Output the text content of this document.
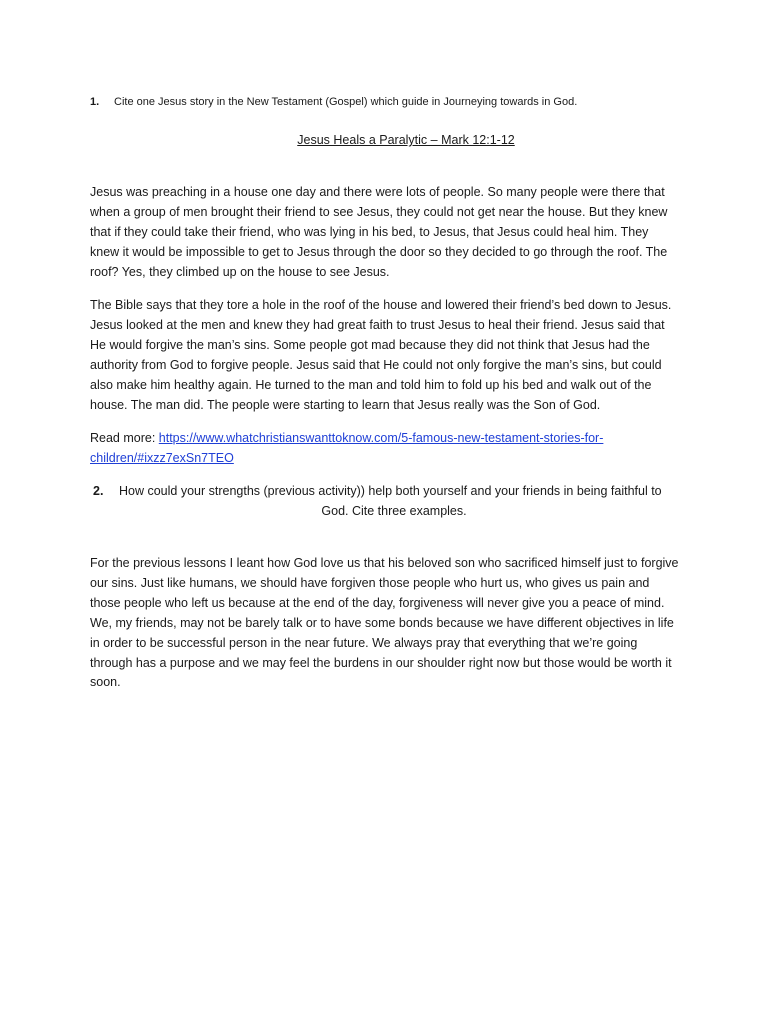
1. Cite one Jesus story in the New Testament (Gospel) which guide in Journeying towards in God.
Jesus Heals a Paralytic – Mark 12:1-12
Jesus was preaching in a house one day and there were lots of people. So many people were there that when a group of men brought their friend to see Jesus, they could not get near the house. But they knew that if they could take their friend, who was lying in his bed, to Jesus, that Jesus could heal him. They knew it would be impossible to get to Jesus through the door so they decided to go through the roof. The roof? Yes, they climbed up on the house to see Jesus.
The Bible says that they tore a hole in the roof of the house and lowered their friend’s bed down to Jesus. Jesus looked at the men and knew they had great faith to trust Jesus to heal their friend. Jesus said that He would forgive the man’s sins. Some people got mad because they did not think that Jesus had the authority from God to forgive people. Jesus said that He could not only forgive the man’s sins, but could also make him healthy again. He turned to the man and told him to fold up his bed and walk out of the house. The man did. The people were starting to learn that Jesus really was the Son of God.
Read more: https://www.whatchristianswanttoknow.com/5-famous-new-testament-stories-for-
children/#ixzz7exSn7TEO
2. How could your strengths (previous activity)) help both yourself and your friends in being faithful to
God. Cite three examples.
For the previous lessons I leant how God love us that his beloved son who sacrificed himself just to forgive our sins. Just like humans, we should have forgiven those people who hurt us, who gives us pain and those people who left us because at the end of the day, forgiveness will never give you a peace of mind. We, my friends, may not be barely talk or to have some bonds because we have different objectives in life in order to be successful person in the near future. We always pray that everything that we’re going through has a purpose and we may feel the burdens in our shoulder right now but those would be worth it soon.
